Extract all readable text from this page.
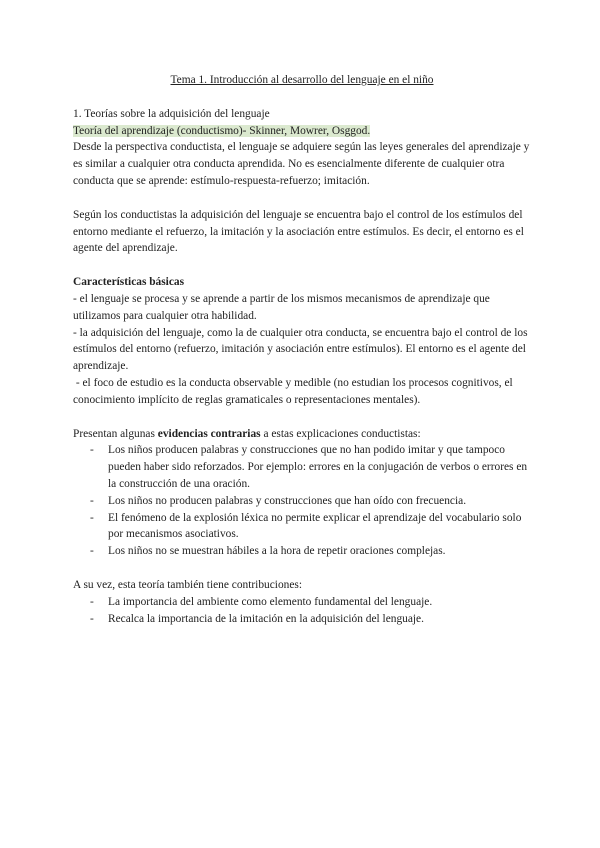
Tema 1. Introducción al desarrollo del lenguaje en el niño

1. Teorías sobre la adquisición del lenguaje

Teoría del aprendizaje (conductismo)- Skinner, Mowrer, Osggod.

Desde la perspectiva conductista, el lenguaje se adquiere según las leyes generales del aprendizaje y es similar a cualquier otra conducta aprendida. No es esencialmente diferente de cualquier otra conducta que se aprende: estímulo-respuesta-refuerzo; imitación.

Según los conductistas la adquisición del lenguaje se encuentra bajo el control de los estímulos del entorno mediante el refuerzo, la imitación y la asociación entre estímulos. Es decir, el entorno es el agente del aprendizaje.

Características básicas

- el lenguaje se procesa y se aprende a partir de los mismos mecanismos de aprendizaje que utilizamos para cualquier otra habilidad.

- la adquisición del lenguaje, como la de cualquier otra conducta, se encuentra bajo el control de los estímulos del entorno (refuerzo, imitación y asociación entre estímulos). El entorno es el agente del aprendizaje.

- el foco de estudio es la conducta observable y medible (no estudian los procesos cognitivos, el conocimiento implícito de reglas gramaticales o representaciones mentales).

Presentan algunas evidencias contrarias a estas explicaciones conductistas:

- Los niños producen palabras y construcciones que no han podido imitar y que tampoco pueden haber sido reforzados. Por ejemplo: errores en la conjugación de verbos o errores en la construcción de una oración.
- Los niños no producen palabras y construcciones que han oído con frecuencia.
- El fenómeno de la explosión léxica no permite explicar el aprendizaje del vocabulario solo por mecanismos asociativos.
- Los niños no se muestran hábiles a la hora de repetir oraciones complejas.

A su vez, esta teoría también tiene contribuciones:

- La importancia del ambiente como elemento fundamental del lenguaje.
- Recalca la importancia de la imitación en la adquisición del lenguaje.
